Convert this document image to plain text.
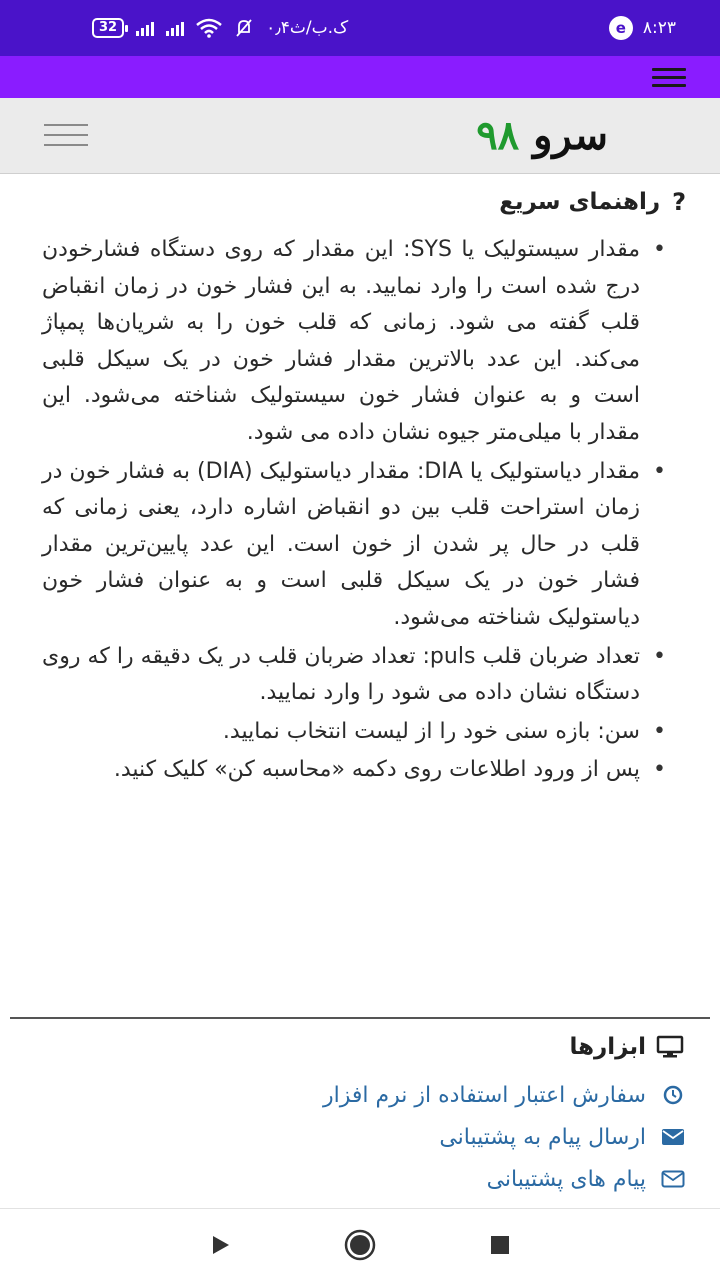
32	۰٫۴ک.ب/ث	e ۸:۲۳
سرو ۹۸
?
راهنمای سریع
• مقدار سیستولیک یا SYS: این مقدار که روی دستگاه فشارخودن درج شده است را وارد نمایید. به این فشار خون در زمان انقباض قلب گفته می شود. زمانی که قلب خون را به شریان‌ها پمپاژ می‌کند. این عدد بالاترین مقدار فشار خون در یک سیکل قلبی است و به عنوان فشار خون سیستولیک شناخته می‌شود. این مقدار با میلی‌متر جیوه نشان داده می شود.
• مقدار دیاستولیک یا DIA: مقدار دیاستولیک (DIA) به فشار خون در زمان استراحت قلب بین دو انقباض اشاره دارد، یعنی زمانی که قلب در حال پر شدن از خون است. این عدد پایین‌ترین مقدار فشار خون در یک سیکل قلبی است و به عنوان فشار خون دیاستولیک شناخته می‌شود.
• تعداد ضربان قلب puls: تعداد ضربان قلب در یک دقیقه را که روی دستگاه نشان داده می شود را وارد نمایید.
• سن: بازه سنی خود را از لیست انتخاب نمایید.
• پس از ورود اطلاعات روی دکمه «محاسبه کن» کلیک کنید.
ابزارها
سفارش اعتبار استفاده از نرم افزار
ارسال پیام به پشتیبانی
پیام های پشتیبانی
